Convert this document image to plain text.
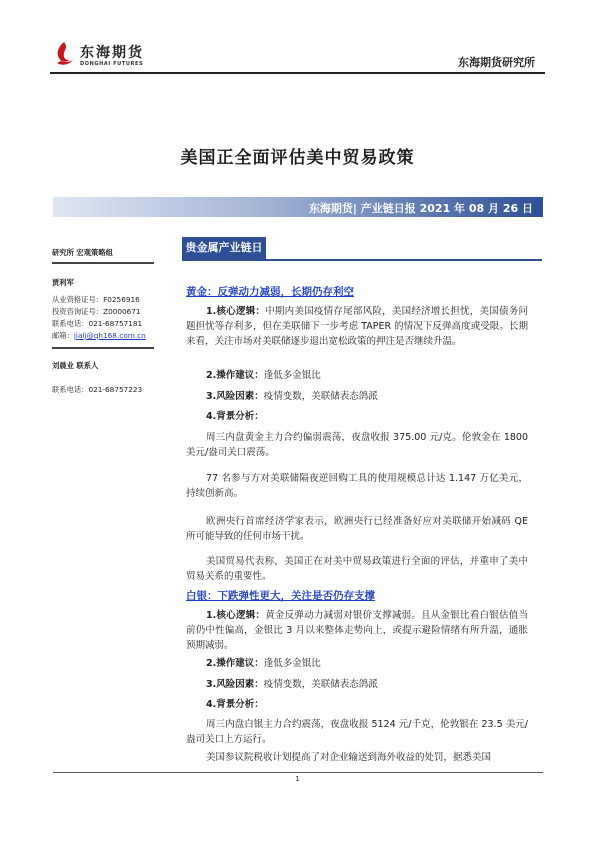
东海期货
DONGHAI FUTURES	东海期货研究所
美国正全面评估美中贸易政策
东海期货| 产业链日报 2021 年 08 月 26 日
研究所 宏观策略组
贾利军
从业资格证号：F0256916
投资咨询证号：Z0000671
联系电话：021-68757181
邮箱：jialj@qh168.com.cn
刘晨业 联系人
联系电话：021-68757223
贵金属产业链日报
黄金：反弹动力减弱，长期仍存利空
1.核心逻辑：中期内美国疫情存尾部风险，美国经济增长担忧，美国债务问题担忧等存利多，但在美联储下一步考虑 TAPER 的情况下反弹高度或受限。长期来看，关注市场对美联储逐步退出宽松政策的押注是否继续升温。
2.操作建议：逢低多金银比
3.风险因素：疫情变数，美联储表态鸽派
4.背景分析：
周三内盘黄金主力合约偏弱震荡，夜盘收报 375.00 元/克。伦敦金在 1800 美元/盎司关口震荡。
77 名参与方对美联储隔夜逆回购工具的使用规模总计达 1.147 万亿美元，持续创新高。
欧洲央行首席经济学家表示，欧洲央行已经准备好应对美联储开始减码 QE 所可能导致的任何市场干扰。
美国贸易代表称，美国正在对美中贸易政策进行全面的评估，并重申了美中贸易关系的重要性。
白银：下跌弹性更大，关注是否仍存支撑
1.核心逻辑：黄金反弹动力减弱对银价支撑减弱。且从金银比看白银估值当前仍中性偏高，金银比 3 月以来整体走势向上，或提示避险情绪有所升温，通胀预期减弱。
2.操作建议：逢低多金银比
3.风险因素：疫情变数，美联储表态鸽派
4.背景分析：
周三内盘白银主力合约震荡，夜盘收报 5124 元/千克，伦敦银在 23.5 美元/盎司关口上方运行。
美国参议院税收计划提高了对企业输送到海外收益的处罚，据悉美国
1
